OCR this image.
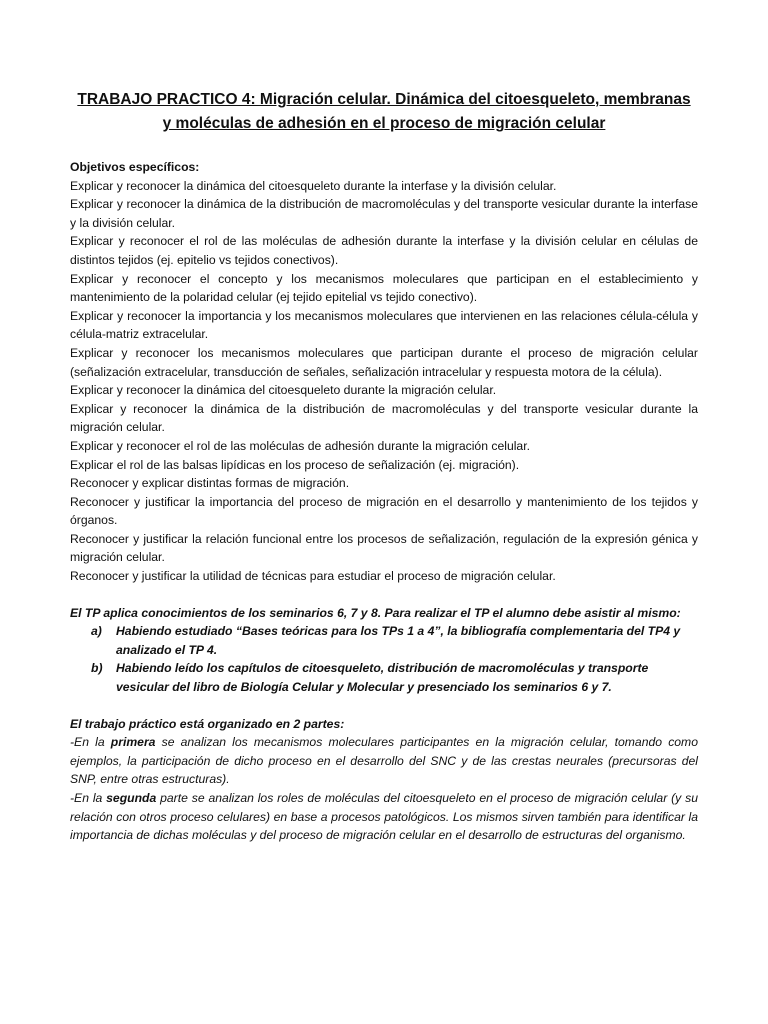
TRABAJO PRACTICO 4: Migración celular. Dinámica del citoesqueleto, membranas
y moléculas de adhesión en el proceso de migración celular

Objetivos específicos:

Explicar y reconocer la dinámica del citoesqueleto durante la interfase y la división celular.

Explicar y reconocer la dinámica de la distribución de macromoléculas y del transporte vesicular durante la interfase y la división celular.

Explicar y reconocer el rol de las moléculas de adhesión durante la interfase y la división celular en células de distintos tejidos (ej. epitelio vs tejidos conectivos).

Explicar y reconocer el concepto y los mecanismos moleculares que participan en el establecimiento y mantenimiento de la polaridad celular (ej tejido epitelial vs tejido conectivo).

Explicar y reconocer la importancia y los mecanismos moleculares que intervienen en las relaciones célula-célula y célula-matriz extracelular.

Explicar y reconocer los mecanismos moleculares que participan durante el proceso de migración celular (señalización extracelular, transducción de señales, señalización intracelular y respuesta motora de la célula).

Explicar y reconocer la dinámica del citoesqueleto durante la migración celular.

Explicar y reconocer la dinámica de la distribución de macromoléculas y del transporte vesicular durante la migración celular.

Explicar y reconocer el rol de las moléculas de adhesión durante la migración celular.

Explicar el rol de las balsas lipídicas en los proceso de señalización (ej. migración).

Reconocer y explicar distintas formas de migración.

Reconocer y justificar la importancia del proceso de migración en el desarrollo y mantenimiento de los tejidos y órganos.

Reconocer y justificar la relación funcional entre los procesos de señalización, regulación de la expresión génica y migración celular.

Reconocer y justificar la utilidad de técnicas para estudiar el proceso de migración celular.

El TP aplica conocimientos de los seminarios 6, 7 y 8. Para realizar el TP el alumno debe asistir al mismo:

a)	Habiendo estudiado “Bases teóricas para los TPs 1 a 4”, la bibliografía complementaria del TP4 y analizado el TP 4.
b)	Habiendo leído los capítulos de citoesqueleto, distribución de macromoléculas y transporte vesicular del libro de Biología Celular y Molecular y presenciado los seminarios 6 y 7.

El trabajo práctico está organizado en 2 partes:

-En la primera se analizan los mecanismos moleculares participantes en la migración celular, tomando como ejemplos, la participación de dicho proceso en el desarrollo del SNC y de las crestas neurales (precursoras del SNP, entre otras estructuras).

-En la segunda parte se analizan los roles de moléculas del citoesqueleto en el proceso de migración celular (y su relación con otros proceso celulares) en base a procesos patológicos. Los mismos sirven también para identificar la importancia de dichas moléculas y del proceso de migración celular en el desarrollo de estructuras del organismo.
